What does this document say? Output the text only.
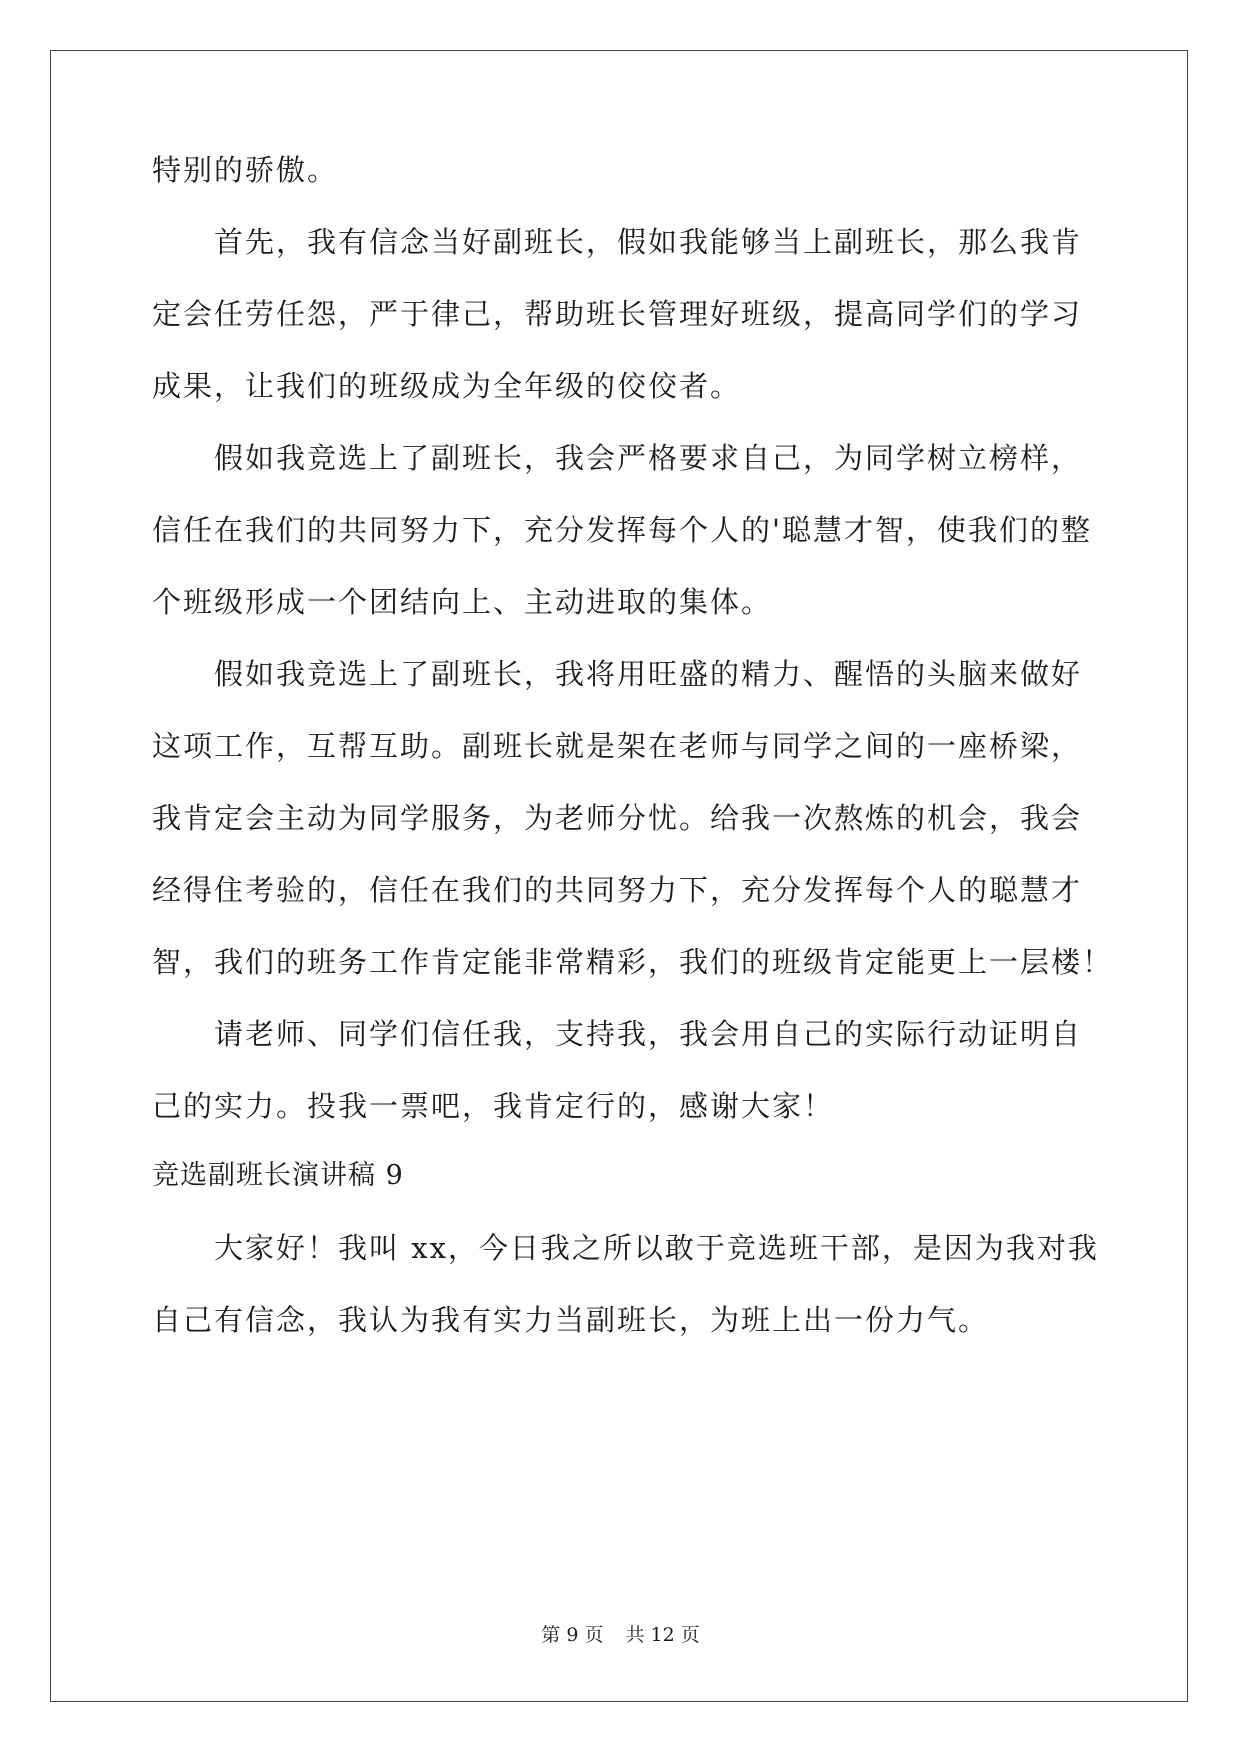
特别的骄傲。
首先，我有信念当好副班长，假如我能够当上副班长，那么我肯
定会任劳任怨，严于律己，帮助班长管理好班级，提高同学们的学习
成果，让我们的班级成为全年级的佼佼者。
假如我竞选上了副班长，我会严格要求自己，为同学树立榜样，
信任在我们的共同努力下，充分发挥每个人的'聪慧才智，使我们的整
个班级形成一个团结向上、主动进取的集体。
假如我竞选上了副班长，我将用旺盛的精力、醒悟的头脑来做好
这项工作，互帮互助。副班长就是架在老师与同学之间的一座桥梁，
我肯定会主动为同学服务，为老师分忧。给我一次熬炼的机会，我会
经得住考验的，信任在我们的共同努力下，充分发挥每个人的聪慧才
智，我们的班务工作肯定能非常精彩，我们的班级肯定能更上一层楼！
请老师、同学们信任我，支持我，我会用自己的实际行动证明自
己的实力。投我一票吧，我肯定行的，感谢大家！
竞选副班长演讲稿 9
大家好！我叫 xx，今日我之所以敢于竞选班干部，是因为我对我
自己有信念，我认为我有实力当副班长，为班上出一份力气。
第 9 页 共 12 页
